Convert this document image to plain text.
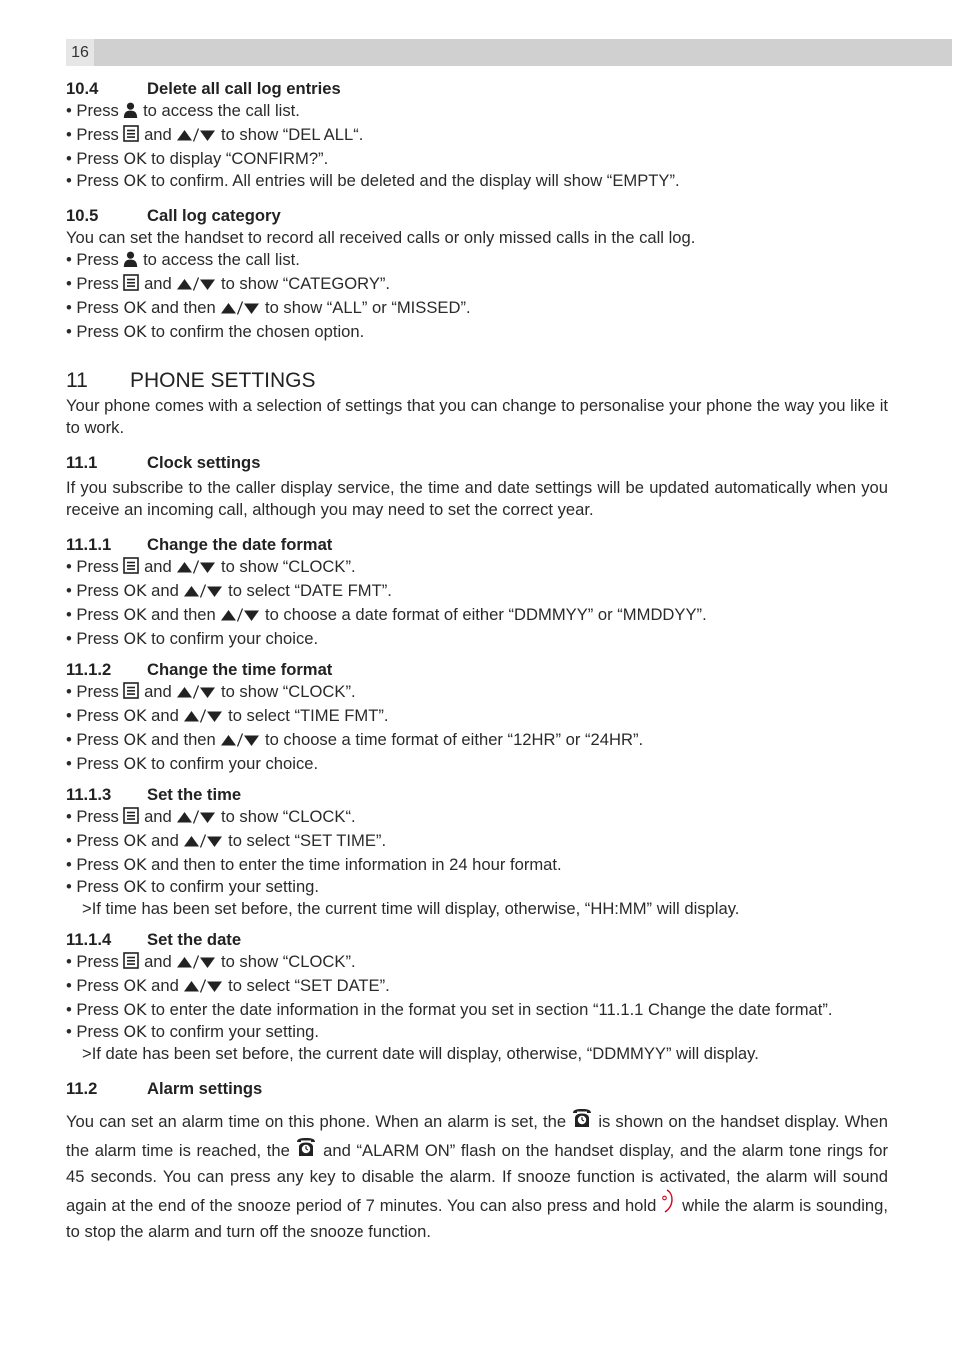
16
10.4	Delete all call log entries

• Press  to access the call list.

• Press  and  to show “DEL ALL“.

• Press OK to display “CONFIRM?”.

• Press OK to confirm. All entries will be deleted and the display will show “EMPTY”.

10.5	Call log category

You can set the handset to record all received calls or only missed calls in the call log.

• Press  to access the call list.

• Press  and  to show “CATEGORY”.

• Press OK and then  to show “ALL” or “MISSED”.

• Press OK to confirm the chosen option.

11 PHONE SETTINGS

Your phone comes with a selection of settings that you can change to personalise your phone the way you like it to work.

11.1	Clock settings

If you subscribe to the caller display service, the time and date settings will be updated automatically when you receive an incoming call, although you may need to set the correct year.

11.1.1 Change the date format

• Press  and  to show “CLOCK”.

• Press OK and  to select “DATE FMT”.

• Press OK and then  to choose a date format of either “DDMMYY” or “MMDDYY”.

• Press OK to confirm your choice.

11.1.2 Change the time format

• Press  and  to show “CLOCK”.

• Press OK and  to select “TIME FMT”.

• Press OK and then  to choose a time format of either “12HR” or “24HR”.

• Press OK to confirm your choice.

11.1.3 Set the time

• Press  and  to show “CLOCK“.

• Press OK and  to select “SET TIME”.

• Press OK and then to enter the time information in 24 hour format.

• Press OK to confirm your setting.

>If time has been set before, the current time will display, otherwise, “HH:MM” will display.

11.1.4 Set the date

• Press  and  to show “CLOCK”.

• Press OK and  to select “SET DATE”.

• Press OK to enter the date information in the format you set in section “11.1.1 Change the date format”.

• Press OK to confirm your setting.

>If date has been set before, the current date will display, otherwise, “DDMMYY” will display.

11.2	Alarm settings

You can set an alarm time on this phone. When an alarm is set, the  is shown on the handset display. When the alarm time is reached, the  and “ALARM ON” flash on the handset display, and the alarm tone rings for 45 seconds. You can press any key to disable the alarm. If snooze function is activated, the alarm will sound again at the end of the snooze period of 7 minutes. You can also press and hold  while the alarm is sounding, to stop the alarm and turn off the snooze function.
